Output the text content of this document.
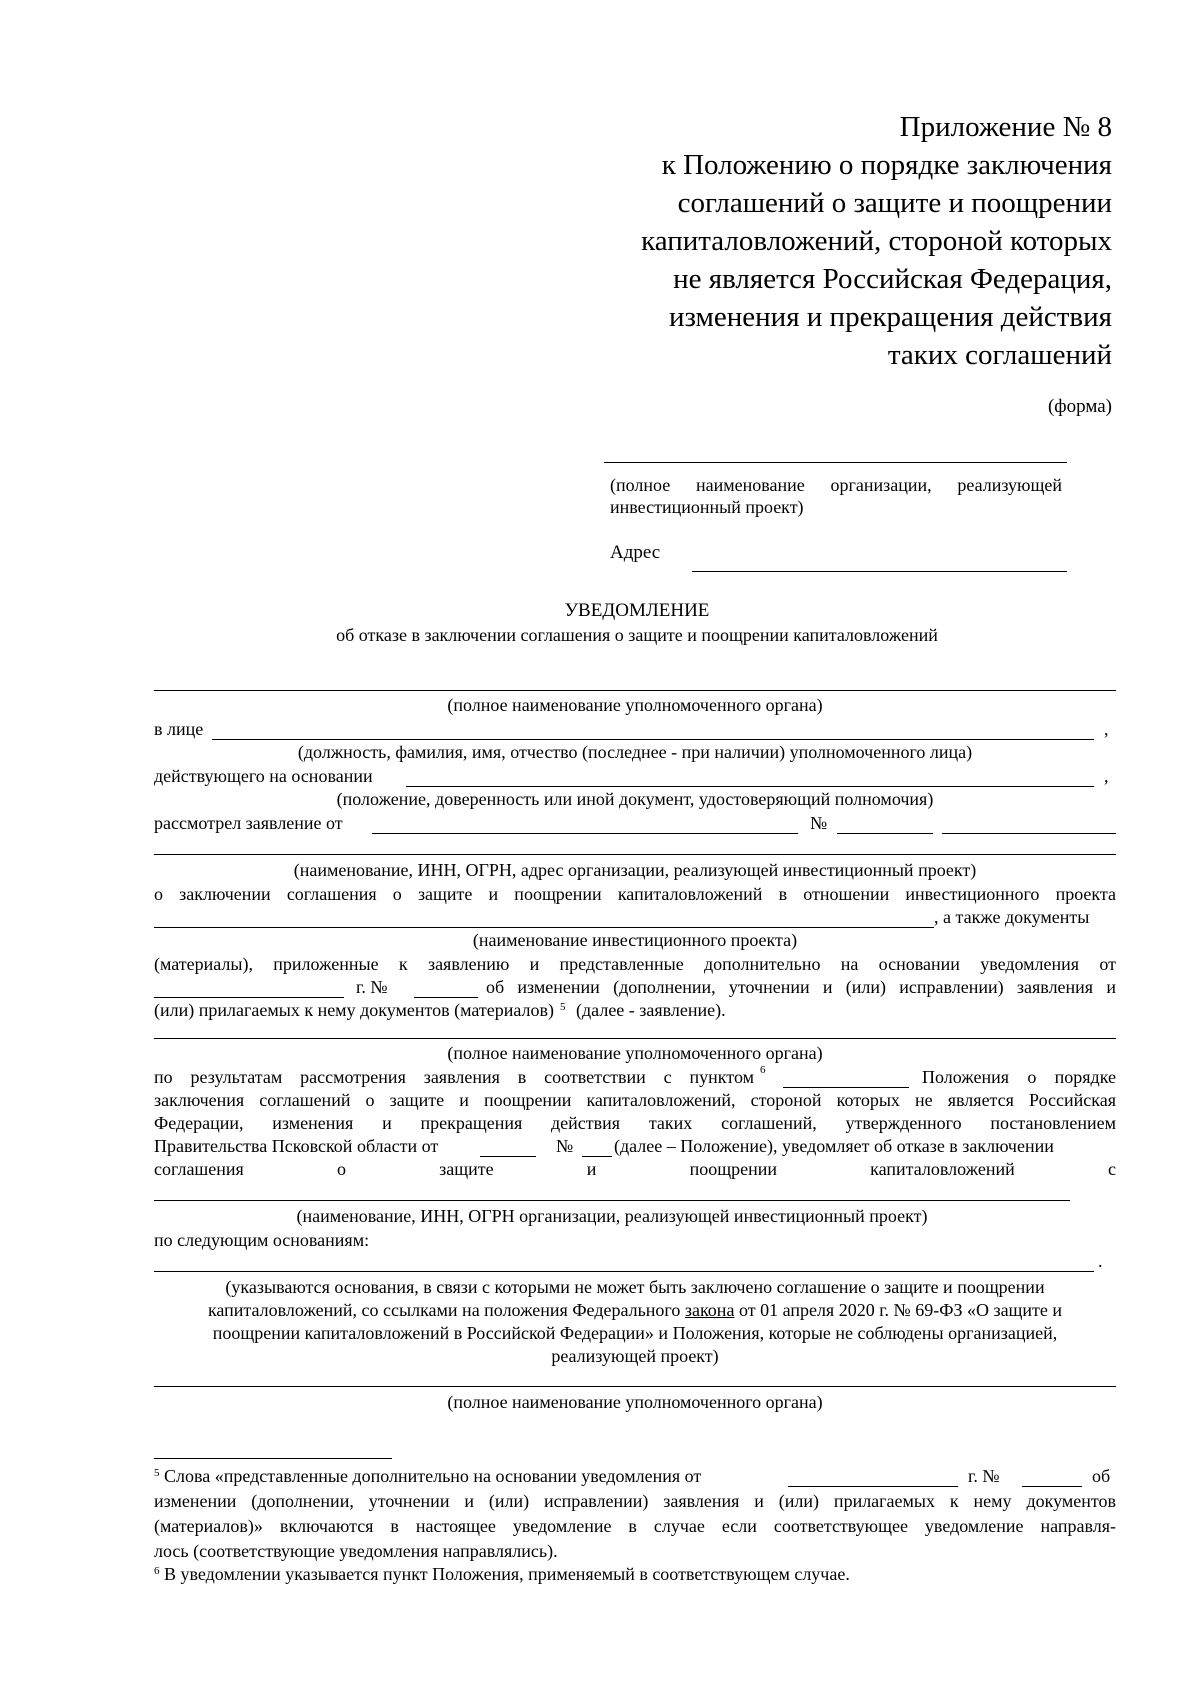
Приложение № 8
к Положению о порядке заключения
соглашений о защите и поощрении
капиталовложений, стороной которых
не является Российская Федерация,
изменения и прекращения действия
таких соглашений
(форма)
(полное наименование организации, реализующей инвестиционный проект)
Адрес
УВЕДОМЛЕНИЕ
об отказе в заключении соглашения о защите и поощрении капиталовложений
(полное наименование уполномоченного органа)
в лице	,
(должность, фамилия, имя, отчество (последнее - при наличии) уполномоченного лица)
действующего на основании	,
(положение, доверенность или иной документ, удостоверяющий полномочия)
рассмотрел заявление от	№
(наименование, ИНН, ОГРН, адрес организации, реализующей инвестиционный проект)
о заключении соглашения о защите и поощрении капиталовложений в отношении инвестиционного проекта
, а также документы
(наименование инвестиционного проекта)
(материалы), приложенные к заявлению и представленные дополнительно на основании уведомления от
г. №	об изменении (дополнении, уточнении и (или) исправлении) заявления и
(или) прилагаемых к нему документов (материалов) $^5$ (далее - заявление).
(полное наименование уполномоченного органа)
по результатам рассмотрения заявления в соответствии с пунктом 6	Положения о порядке
заключения соглашений о защите и поощрении капиталовложений, стороной которых не является Российская
Федерации, изменения и прекращения действия таких соглашений, утвержденного постановлением
Правительства Псковской области от	№ (далее – Положение), уведомляет об отказе в заключении
соглашения	о	защите	и	поощрении	капиталовложений	с
(наименование, ИНН, ОГРН организации, реализующей инвестиционный проект)
по следующим основаниям:
.
(указываются основания, в связи с которыми не может быть заключено соглашение о защите и поощрении
капиталовложений, со ссылками на положения Федерального закона от 01 апреля 2020 г. № 69-ФЗ «О защите и
поощрении капиталовложений в Российской Федерации» и Положения, которые не соблюдены организацией,
реализующей проект)
(полное наименование уполномоченного органа)
$^5$ Слова «представленные дополнительно на основании уведомления от	г. №	об
изменении (дополнении, уточнении и (или) исправлении) заявления и (или) прилагаемых к нему документов
(материалов)» включаются в настоящее уведомление в случае если соответствующее уведомление направля-
лось (соответствующие уведомления направлялись).
$^6$ В уведомлении указывается пункт Положения, применяемый в соответствующем случае.
